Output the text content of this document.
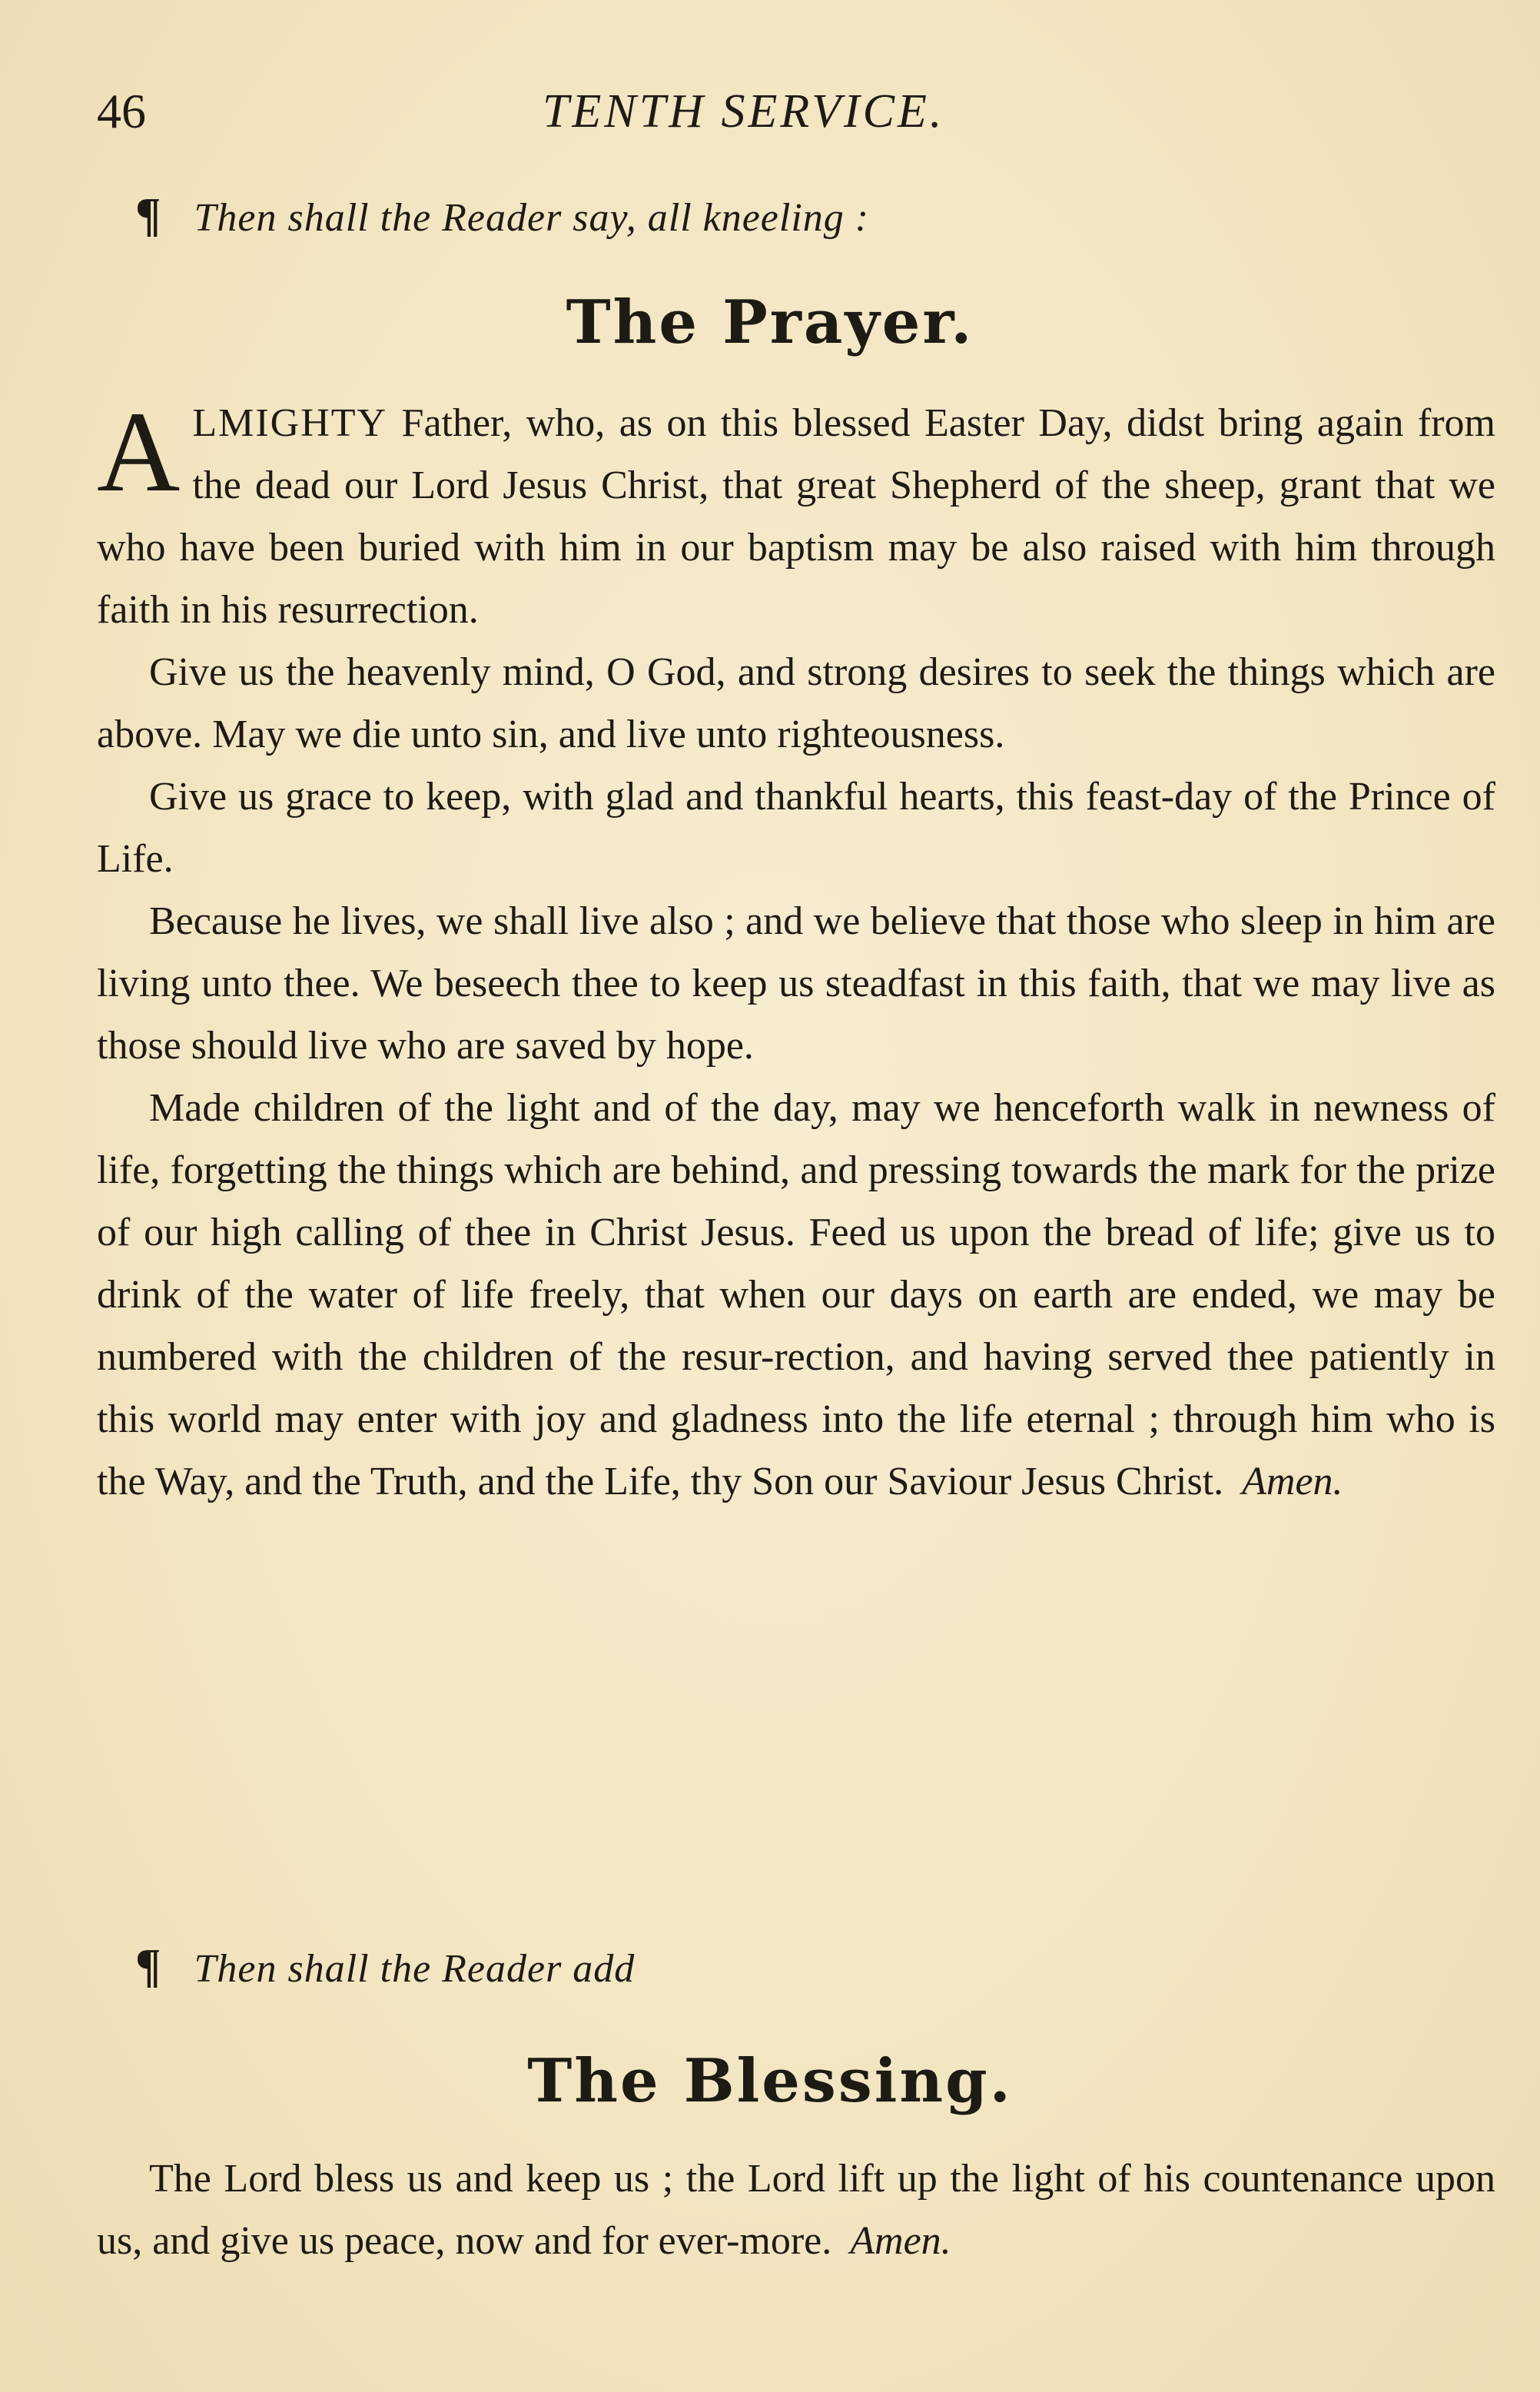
46	TENTH SERVICE.
¶ Then shall the Reader say, all kneeling :
The Prayer.

ALMIGHTY Father, who, as on this blessed Easter Day, didst bring again from the dead our Lord Jesus Christ, that great Shepherd of the sheep, grant that we who have been buried with him in our baptism may be also raised with him through faith in his resurrection.

Give us the heavenly mind, O God, and strong desires to seek the things which are above. May we die unto sin, and live unto righteousness.

Give us grace to keep, with glad and thankful hearts, this feast-day of the Prince of Life.

Because he lives, we shall live also ; and we believe that those who sleep in him are living unto thee. We beseech thee to keep us steadfast in this faith, that we may live as those should live who are saved by hope.

Made children of the light and of the day, may we henceforth walk in newness of life, forgetting the things which are behind, and pressing towards the mark for the prize of our high calling of thee in Christ Jesus. Feed us upon the bread of life; give us to drink of the water of life freely, that when our days on earth are ended, we may be numbered with the children of the resur-rection, and having served thee patiently in this world may enter with joy and gladness into the life eternal ; through him who is the Way, and the Truth, and the Life, thy Son our Saviour Jesus Christ. Amen.

¶ Then shall the Reader add
The Blessing.

The Lord bless us and keep us ; the Lord lift up the light of his countenance upon us, and give us peace, now and for ever-more. Amen.
